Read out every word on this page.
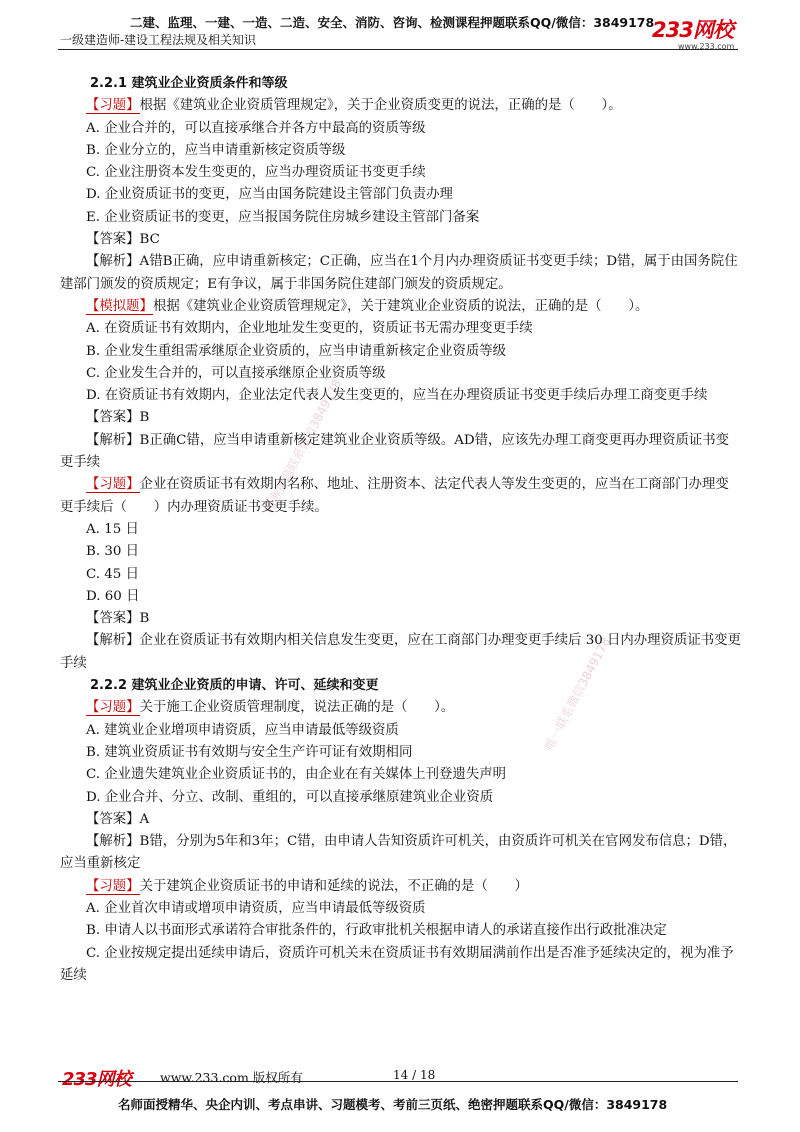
二建、监理、一建、一造、二造、安全、消防、咨询、检测课程押题联系QQ/微信：3849178
一级建造师-建设工程法规及相关知识	233网校
www.233.com
精准押题联系微信3849178
唯一联系微信3849178
2.2.1 建筑业企业资质条件和等级
【习题】根据《建筑业企业资质管理规定》，关于企业资质变更的说法，正确的是（　　）。
A. 企业合并的，可以直接承继合并各方中最高的资质等级
B. 企业分立的，应当申请重新核定资质等级
C. 企业注册资本发生变更的，应当办理资质证书变更手续
D. 企业资质证书的变更，应当由国务院建设主管部门负责办理
E. 企业资质证书的变更，应当报国务院住房城乡建设主管部门备案
【答案】BC
【解析】A错B正确，应申请重新核定；C正确，应当在1个月内办理资质证书变更手续；D错，属于由国务院住建部门颁发的资质规定；E有争议，属于非国务院住建部门颁发的资质规定。
【模拟题】根据《建筑业企业资质管理规定》，关于建筑业企业资质的说法，正确的是（　　）。
A. 在资质证书有效期内，企业地址发生变更的，资质证书无需办理变更手续
B. 企业发生重组需承继原企业资质的，应当申请重新核定企业资质等级
C. 企业发生合并的，可以直接承继原企业资质等级
D. 在资质证书有效期内，企业法定代表人发生变更的，应当在办理资质证书变更手续后办理工商变更手续
【答案】B
【解析】B正确C错，应当申请重新核定建筑业企业资质等级。AD错，应该先办理工商变更再办理资质证书变更手续
【习题】企业在资质证书有效期内名称、地址、注册资本、法定代表人等发生变更的，应当在工商部门办理变更手续后（　　）内办理资质证书变更手续。
A. 15 日
B. 30 日
C. 45 日
D. 60 日
【答案】B
【解析】企业在资质证书有效期内相关信息发生变更，应在工商部门办理变更手续后 30 日内办理资质证书变更手续
2.2.2 建筑业企业资质的申请、许可、延续和变更
【习题】关于施工企业资质管理制度，说法正确的是（　　）。
A. 建筑业企业增项申请资质，应当申请最低等级资质
B. 建筑业资质证书有效期与安全生产许可证有效期相同
C. 企业遗失建筑业企业资质证书的，由企业在有关媒体上刊登遗失声明
D. 企业合并、分立、改制、重组的，可以直接承继原建筑业企业资质
【答案】A
【解析】B错，分别为5年和3年；C错，由申请人告知资质许可机关，由资质许可机关在官网发布信息；D错，应当重新核定
【习题】关于建筑企业资质证书的申请和延续的说法，不正确的是（　　）
A. 企业首次申请或增项申请资质，应当申请最低等级资质
B. 申请人以书面形式承诺符合审批条件的，行政审批机关根据申请人的承诺直接作出行政批准决定
C. 企业按规定提出延续申请后，资质许可机关未在资质证书有效期届满前作出是否准予延续决定的，视为准予延续
233网校 www.233.com 版权所有	14 / 18
名师面授精华、央企内训、考点串讲、习题模考、考前三页纸、绝密押题联系QQ/微信：3849178
